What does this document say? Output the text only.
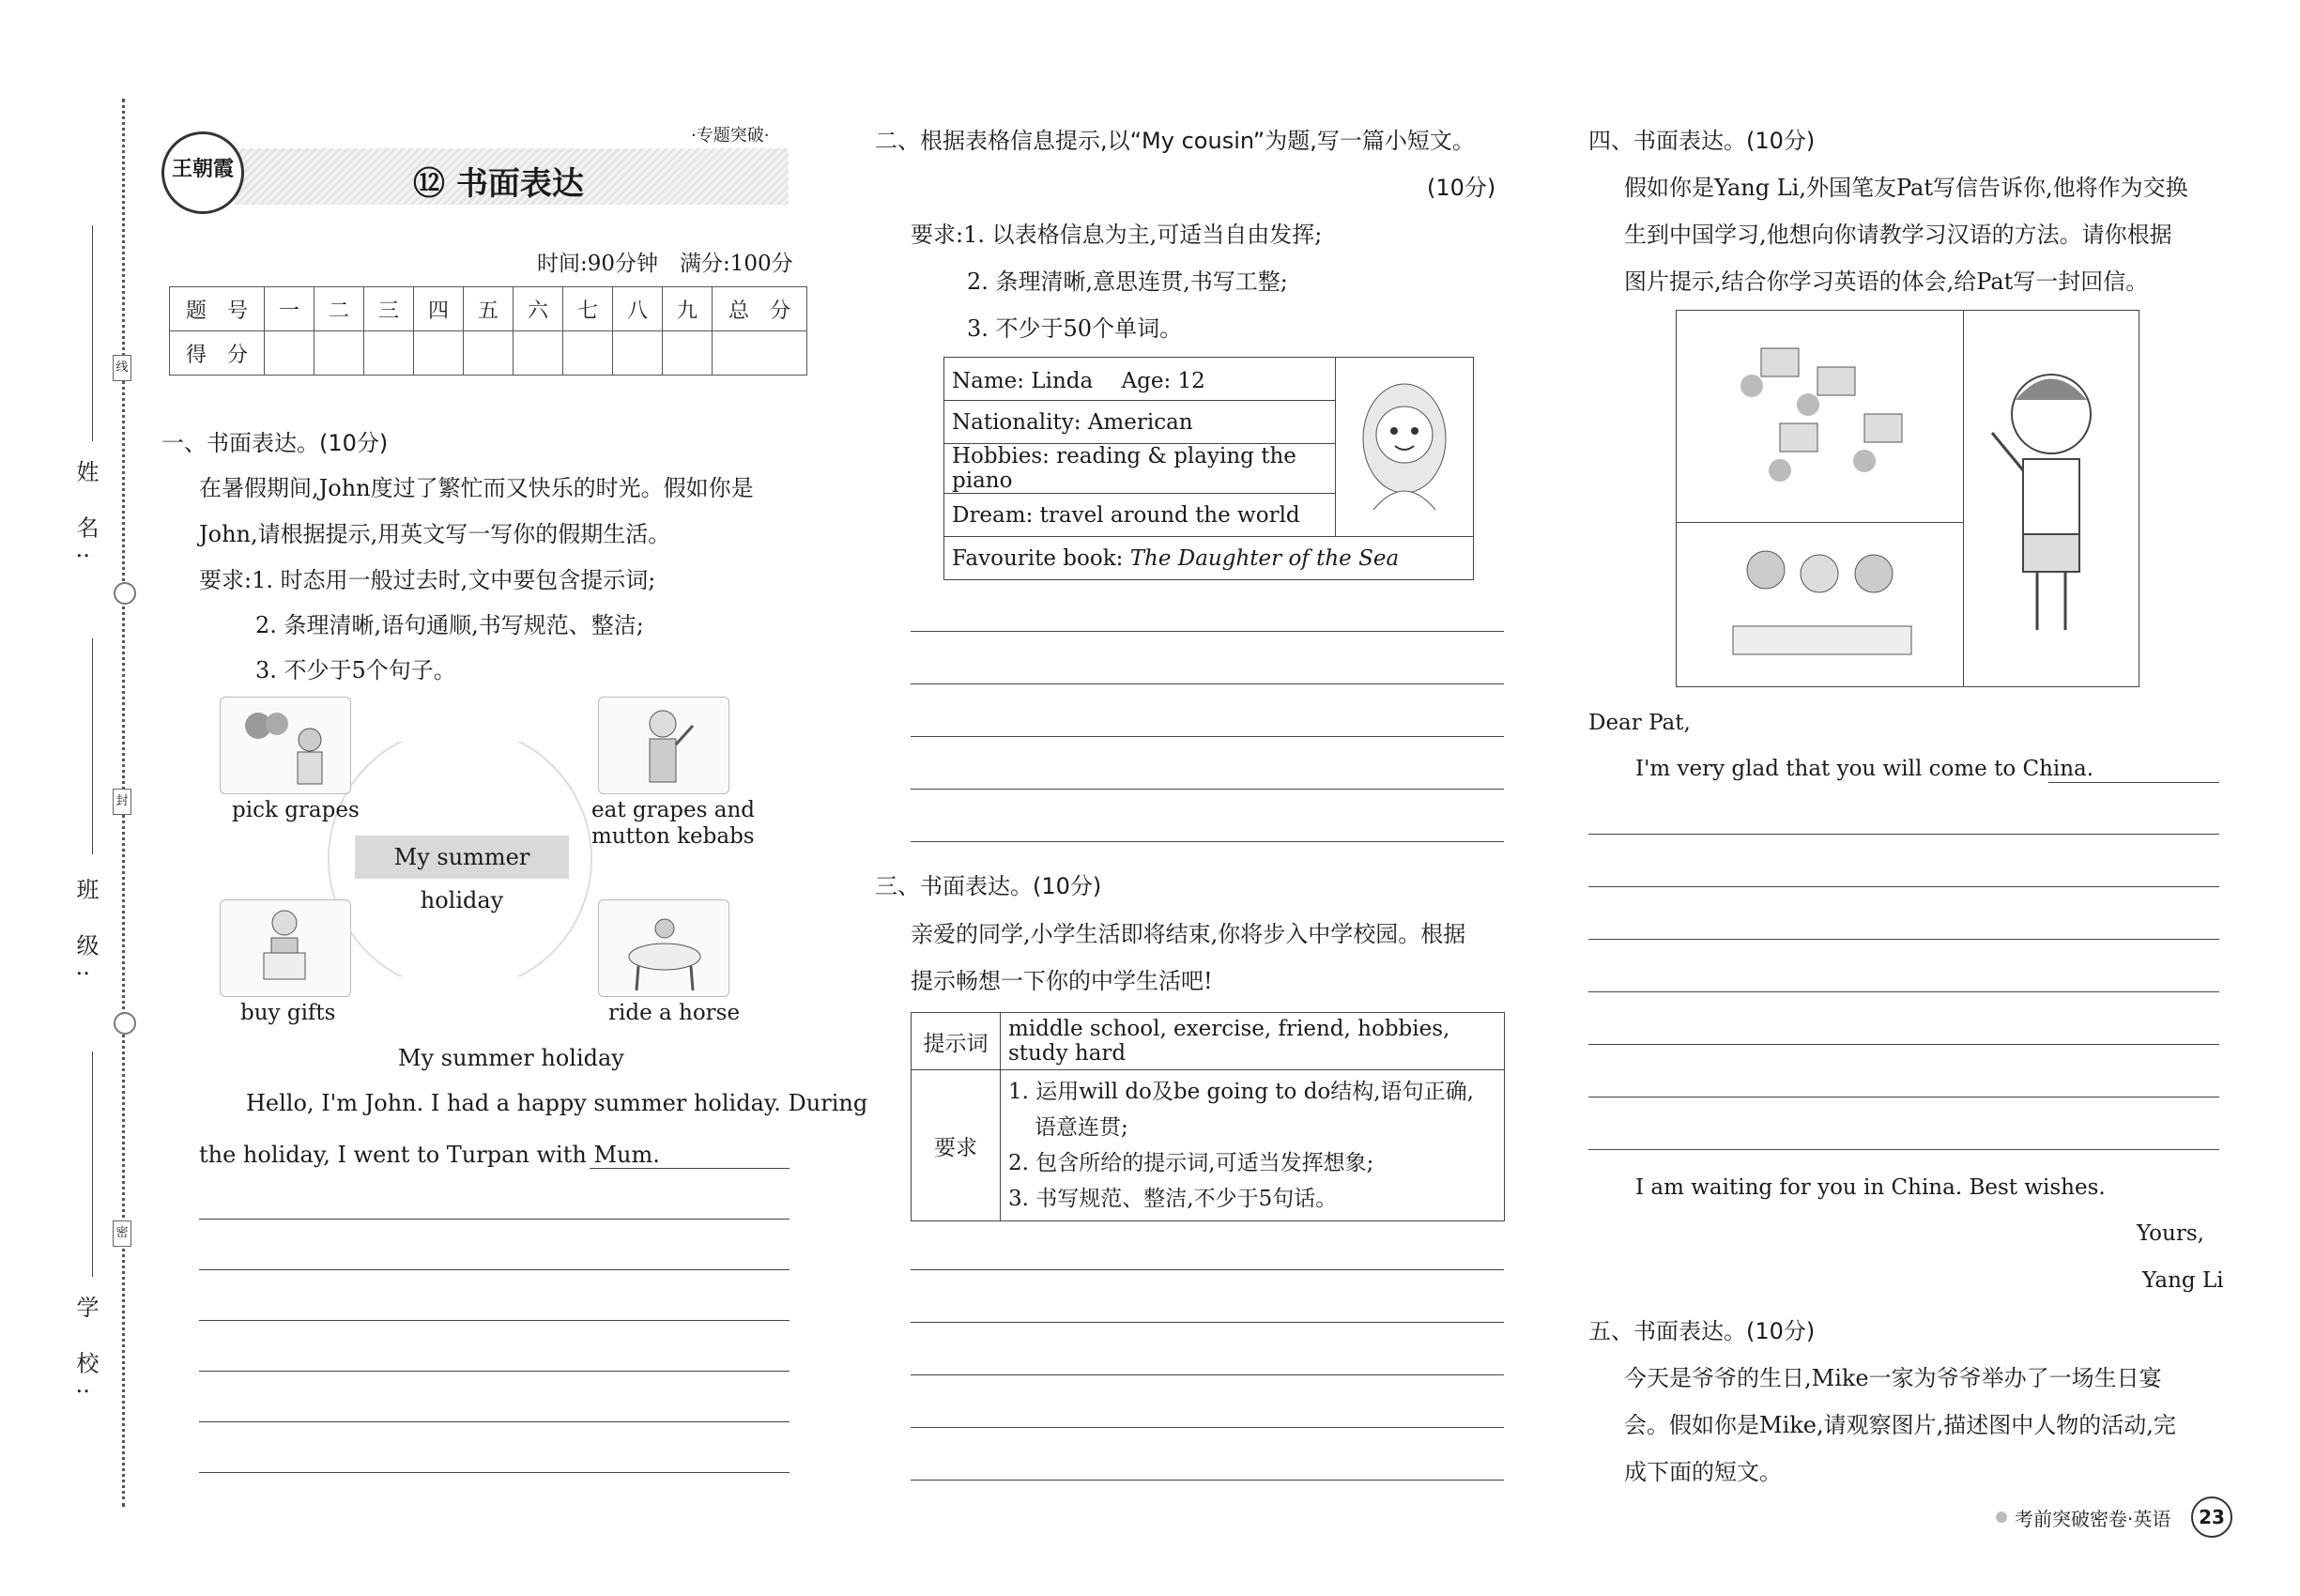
姓 名:
班 级:
学 校:
线
封
密
王朝霞
·专题突破·
⑫ 书面表达
时间:90分钟　满分:100分
题　号	一	二	三	四	五	六	七	八	九	总　分
得　分										
一、书面表达。(10分)
在暑假期间,John度过了繁忙而又快乐的时光。假如你是
John,请根据提示,用英文写一写你的假期生活。
要求:1. 时态用一般过去时,文中要包含提示词;
2. 条理清晰,语句通顺,书写规范、整洁;
3. 不少于5个句子。
pick grapes	eat grapes and
mutton kebabs
buy gifts	ride a horse
My summer holiday
My summer holiday
Hello, I'm John. I had a happy summer holiday. During
the holiday, I went to Turpan with Mum.
二、根据表格信息提示,以“My cousin”为题,写一篇小短文。
(10分)
要求:1. 以表格信息为主,可适当自由发挥;
2. 条理清晰,意思连贯,书写工整;
3. 不少于50个单词。
Name: Linda　 Age: 12	
Nationality: American
Hobbies: reading & playing the piano
Dream: travel around the world
Favourite book: The Daughter of the Sea
三、书面表达。(10分)
亲爱的同学,小学生活即将结束,你将步入中学校园。根据
提示畅想一下你的中学生活吧!
提示词	middle school, exercise, friend, hobbies, study hard
要求	1. 运用will do及be going to do结构,语句正确,
语意连贯;
2. 包含所给的提示词,可适当发挥想象;
3. 书写规范、整洁,不少于5句话。
四、书面表达。(10分)
假如你是Yang Li,外国笔友Pat写信告诉你,他将作为交换
生到中国学习,他想向你请教学习汉语的方法。请你根据
图片提示,结合你学习英语的体会,给Pat写一封回信。
Dear Pat,
I'm very glad that you will come to China.
I am waiting for you in China. Best wishes.
Yours,
Yang Li
五、书面表达。(10分)
今天是爷爷的生日,Mike一家为爷爷举办了一场生日宴
会。假如你是Mike,请观察图片,描述图中人物的活动,完
成下面的短文。
考前突破密卷·英语	23
